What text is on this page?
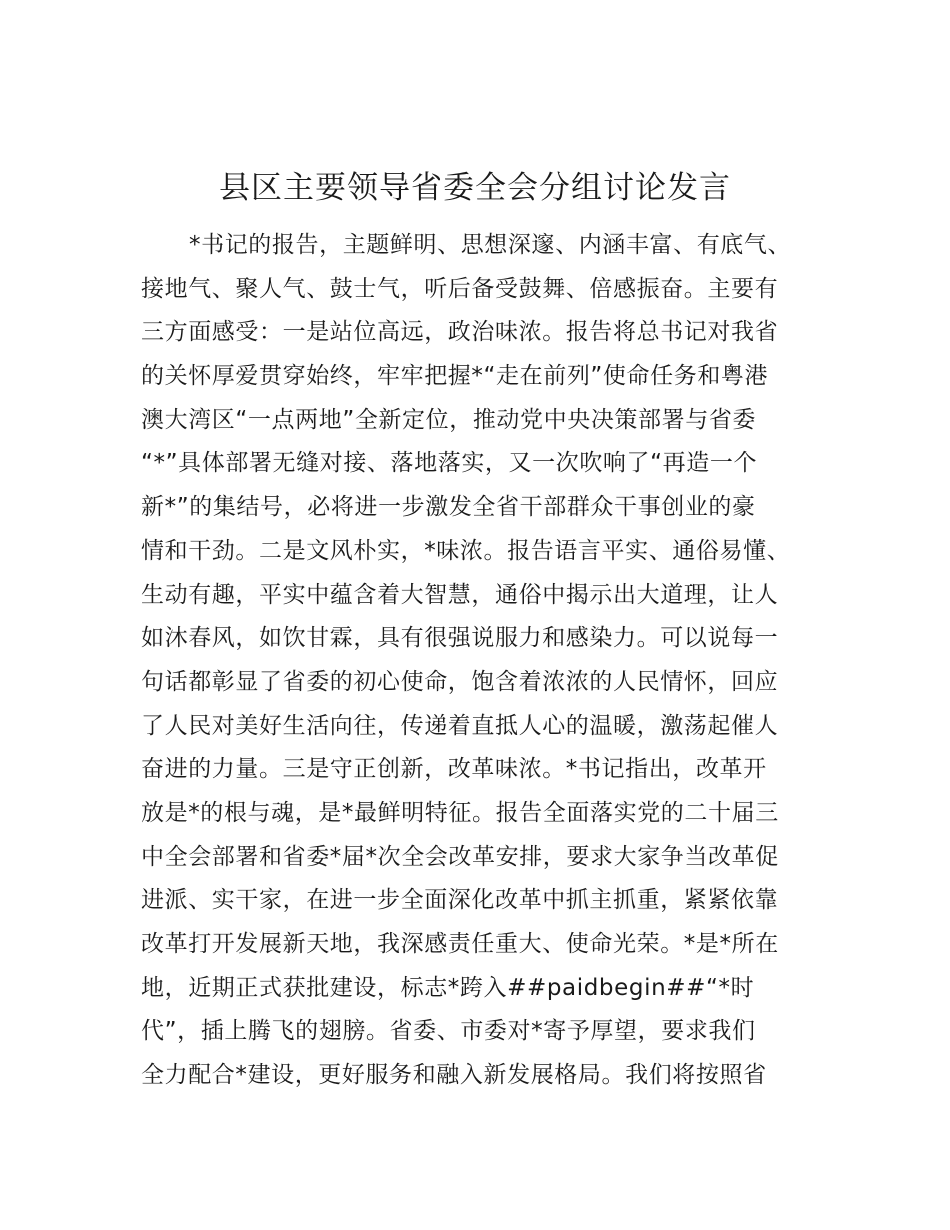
县区主要领导省委全会分组讨论发言
*书记的报告，主题鲜明、思想深邃、内涵丰富、有底气、
接地气、聚人气、鼓士气，听后备受鼓舞、倍感振奋。主要有
三方面感受：一是站位高远，政治味浓。报告将总书记对我省
的关怀厚爱贯穿始终，牢牢把握*“走在前列”使命任务和粤港
澳大湾区“一点两地”全新定位，推动党中央决策部署与省委
“*”具体部署无缝对接、落地落实，又一次吹响了“再造一个
新*”的集结号，必将进一步激发全省干部群众干事创业的豪
情和干劲。二是文风朴实，*味浓。报告语言平实、通俗易懂、
生动有趣，平实中蕴含着大智慧，通俗中揭示出大道理，让人
如沐春风，如饮甘霖，具有很强说服力和感染力。可以说每一
句话都彰显了省委的初心使命，饱含着浓浓的人民情怀，回应
了人民对美好生活向往，传递着直抵人心的温暖，激荡起催人
奋进的力量。三是守正创新，改革味浓。*书记指出，改革开
放是*的根与魂，是*最鲜明特征。报告全面落实党的二十届三
中全会部署和省委*届*次全会改革安排，要求大家争当改革促
进派、实干家，在进一步全面深化改革中抓主抓重，紧紧依靠
改革打开发展新天地，我深感责任重大、使命光荣。*是*所在
地，近期正式获批建设，标志*跨入##paidbegin##“*时
代”，插上腾飞的翅膀。省委、市委对*寄予厚望，要求我们
全力配合*建设，更好服务和融入新发展格局。我们将按照省
